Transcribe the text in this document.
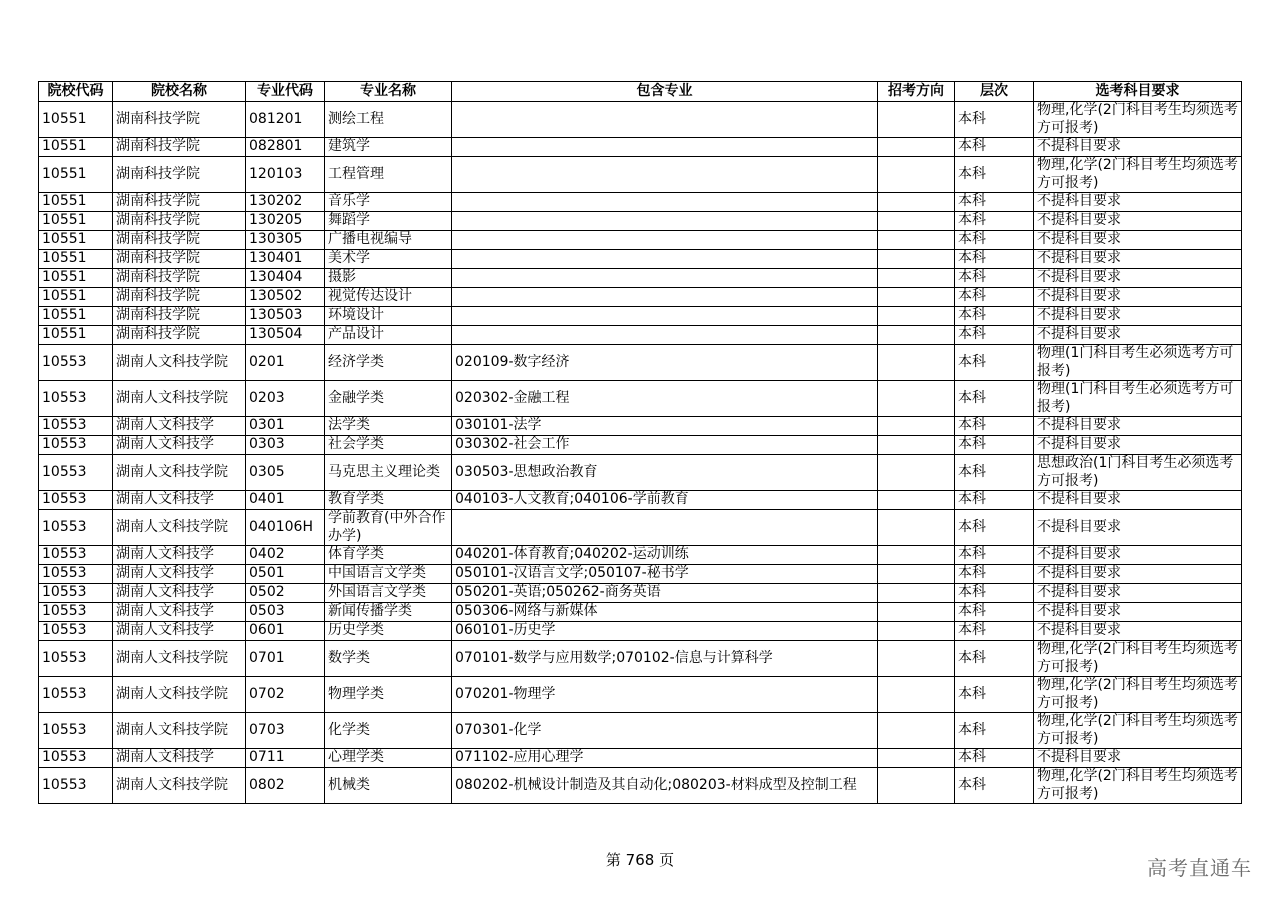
院校代码	院校名称	专业代码	专业名称	包含专业	招考方向	层次	选考科目要求
10551	湖南科技学院	081201	测绘工程			本科	物理,化学(2门科目考生均须选考方可报考)
10551	湖南科技学院	082801	建筑学			本科	不提科目要求
10551	湖南科技学院	120103	工程管理			本科	物理,化学(2门科目考生均须选考方可报考)
10551	湖南科技学院	130202	音乐学			本科	不提科目要求
10551	湖南科技学院	130205	舞蹈学			本科	不提科目要求
10551	湖南科技学院	130305	广播电视编导			本科	不提科目要求
10551	湖南科技学院	130401	美术学			本科	不提科目要求
10551	湖南科技学院	130404	摄影			本科	不提科目要求
10551	湖南科技学院	130502	视觉传达设计			本科	不提科目要求
10551	湖南科技学院	130503	环境设计			本科	不提科目要求
10551	湖南科技学院	130504	产品设计			本科	不提科目要求
10553	湖南人文科技学院	0201	经济学类	020109-数字经济		本科	物理(1门科目考生必须选考方可报考)
10553	湖南人文科技学院	0203	金融学类	020302-金融工程		本科	物理(1门科目考生必须选考方可报考)
10553	湖南人文科技学	0301	法学类	030101-法学		本科	不提科目要求
10553	湖南人文科技学	0303	社会学类	030302-社会工作		本科	不提科目要求
10553	湖南人文科技学院	0305	马克思主义理论类	030503-思想政治教育		本科	思想政治(1门科目考生必须选考方可报考)
10553	湖南人文科技学	0401	教育学类	040103-人文教育;040106-学前教育		本科	不提科目要求
10553	湖南人文科技学院	040106H	学前教育(中外合作办学)			本科	不提科目要求
10553	湖南人文科技学	0402	体育学类	040201-体育教育;040202-运动训练		本科	不提科目要求
10553	湖南人文科技学	0501	中国语言文学类	050101-汉语言文学;050107-秘书学		本科	不提科目要求
10553	湖南人文科技学	0502	外国语言文学类	050201-英语;050262-商务英语		本科	不提科目要求
10553	湖南人文科技学	0503	新闻传播学类	050306-网络与新媒体		本科	不提科目要求
10553	湖南人文科技学	0601	历史学类	060101-历史学		本科	不提科目要求
10553	湖南人文科技学院	0701	数学类	070101-数学与应用数学;070102-信息与计算科学		本科	物理,化学(2门科目考生均须选考方可报考)
10553	湖南人文科技学院	0702	物理学类	070201-物理学		本科	物理,化学(2门科目考生均须选考方可报考)
10553	湖南人文科技学院	0703	化学类	070301-化学		本科	物理,化学(2门科目考生均须选考方可报考)
10553	湖南人文科技学	0711	心理学类	071102-应用心理学		本科	不提科目要求
10553	湖南人文科技学院	0802	机械类	080202-机械设计制造及其自动化;080203-材料成型及控制工程		本科	物理,化学(2门科目考生均须选考方可报考)
第 768 页	高考直通车
